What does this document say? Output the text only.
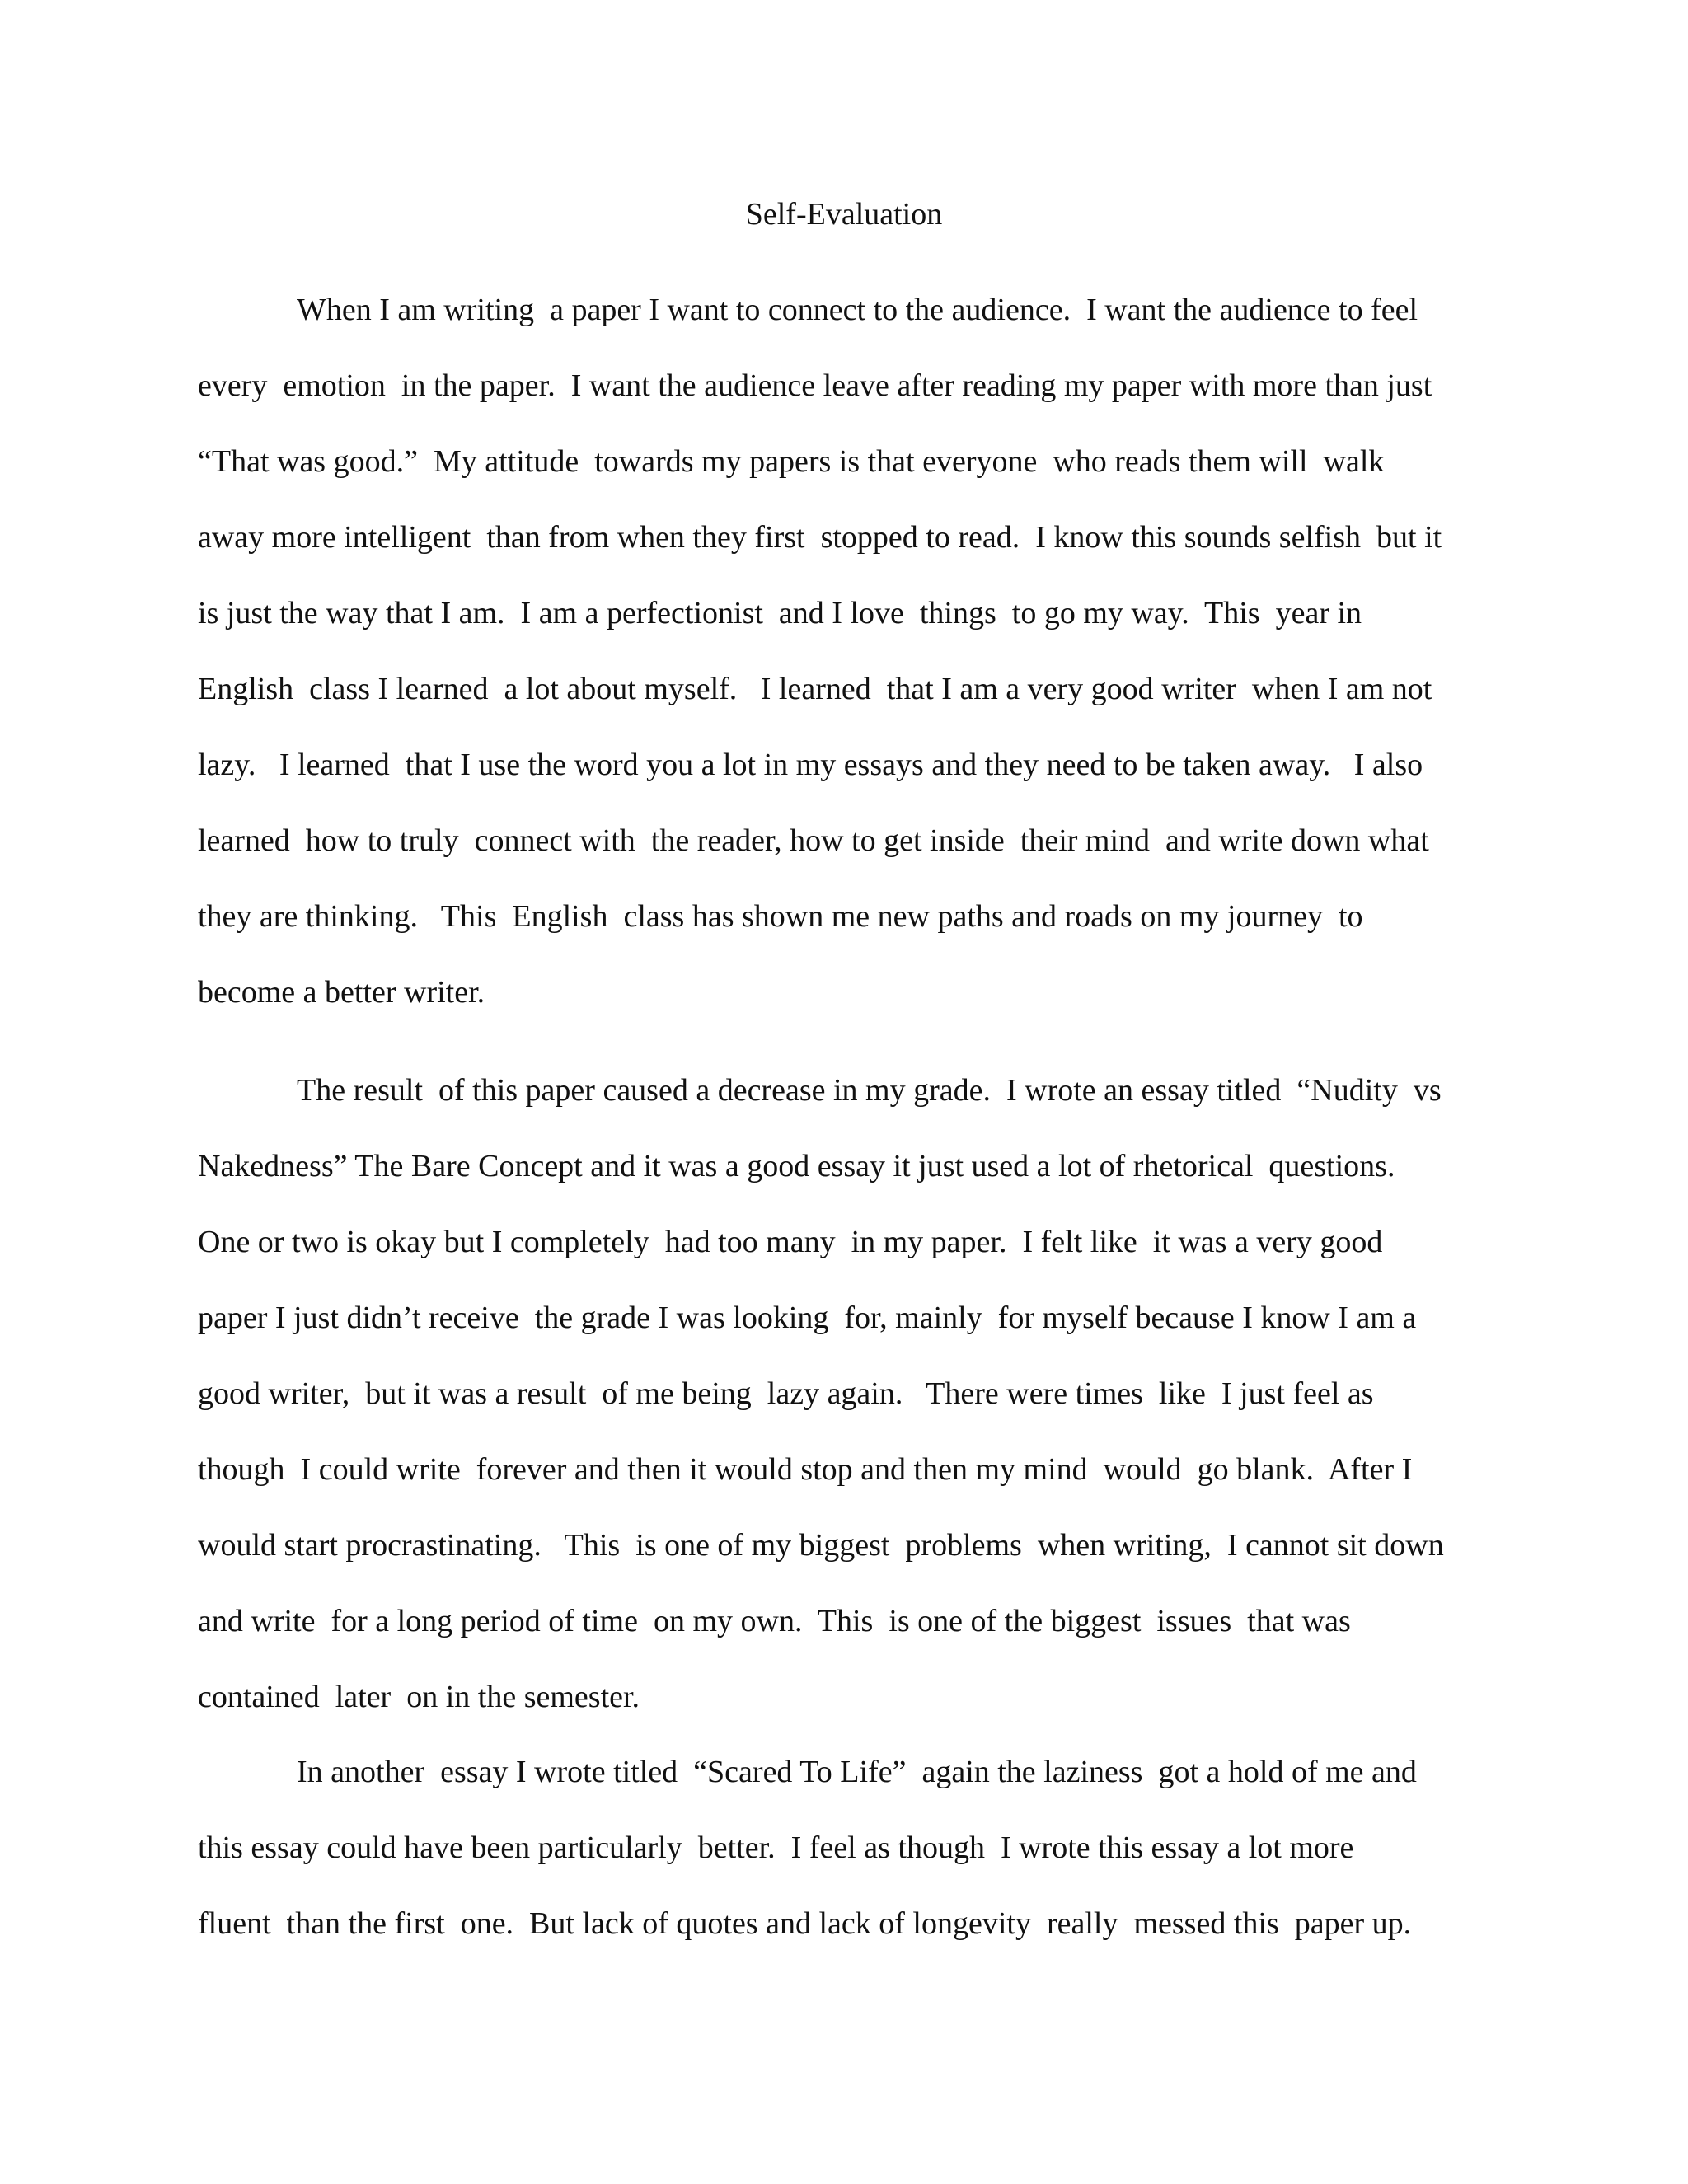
Self-Evaluation

When I am writing  a paper I want to connect to the audience.  I want the audience to feel

every  emotion  in the paper.  I want the audience leave after reading my paper with more than just

“That was good.”  My attitude  towards my papers is that everyone  who reads them will  walk

away more intelligent  than from when they first  stopped to read.  I know this sounds selfish  but it

is just the way that I am.  I am a perfectionist  and I love  things  to go my way.  This  year in

English  class I learned  a lot about myself.   I learned  that I am a very good writer  when I am not

lazy.   I learned  that I use the word you a lot in my essays and they need to be taken away.   I also

learned  how to truly  connect with  the reader, how to get inside  their mind  and write down what

they are thinking.   This  English  class has shown me new paths and roads on my journey  to

become a better writer.

The result  of this paper caused a decrease in my grade.  I wrote an essay titled  “Nudity  vs

Nakedness” The Bare Concept and it was a good essay it just used a lot of rhetorical  questions.

One or two is okay but I completely  had too many  in my paper.  I felt like  it was a very good

paper I just didn’t receive  the grade I was looking  for, mainly  for myself because I know I am a

good writer,  but it was a result  of me being  lazy again.   There were times  like  I just feel as

though  I could write  forever and then it would stop and then my mind  would  go blank.  After I

would start procrastinating.   This  is one of my biggest  problems  when writing,  I cannot sit down

and write  for a long period of time  on my own.  This  is one of the biggest  issues  that was

contained  later  on in the semester.

In another  essay I wrote titled  “Scared To Life”  again the laziness  got a hold of me and

this essay could have been particularly  better.  I feel as though  I wrote this essay a lot more

fluent  than the first  one.  But lack of quotes and lack of longevity  really  messed this  paper up.
